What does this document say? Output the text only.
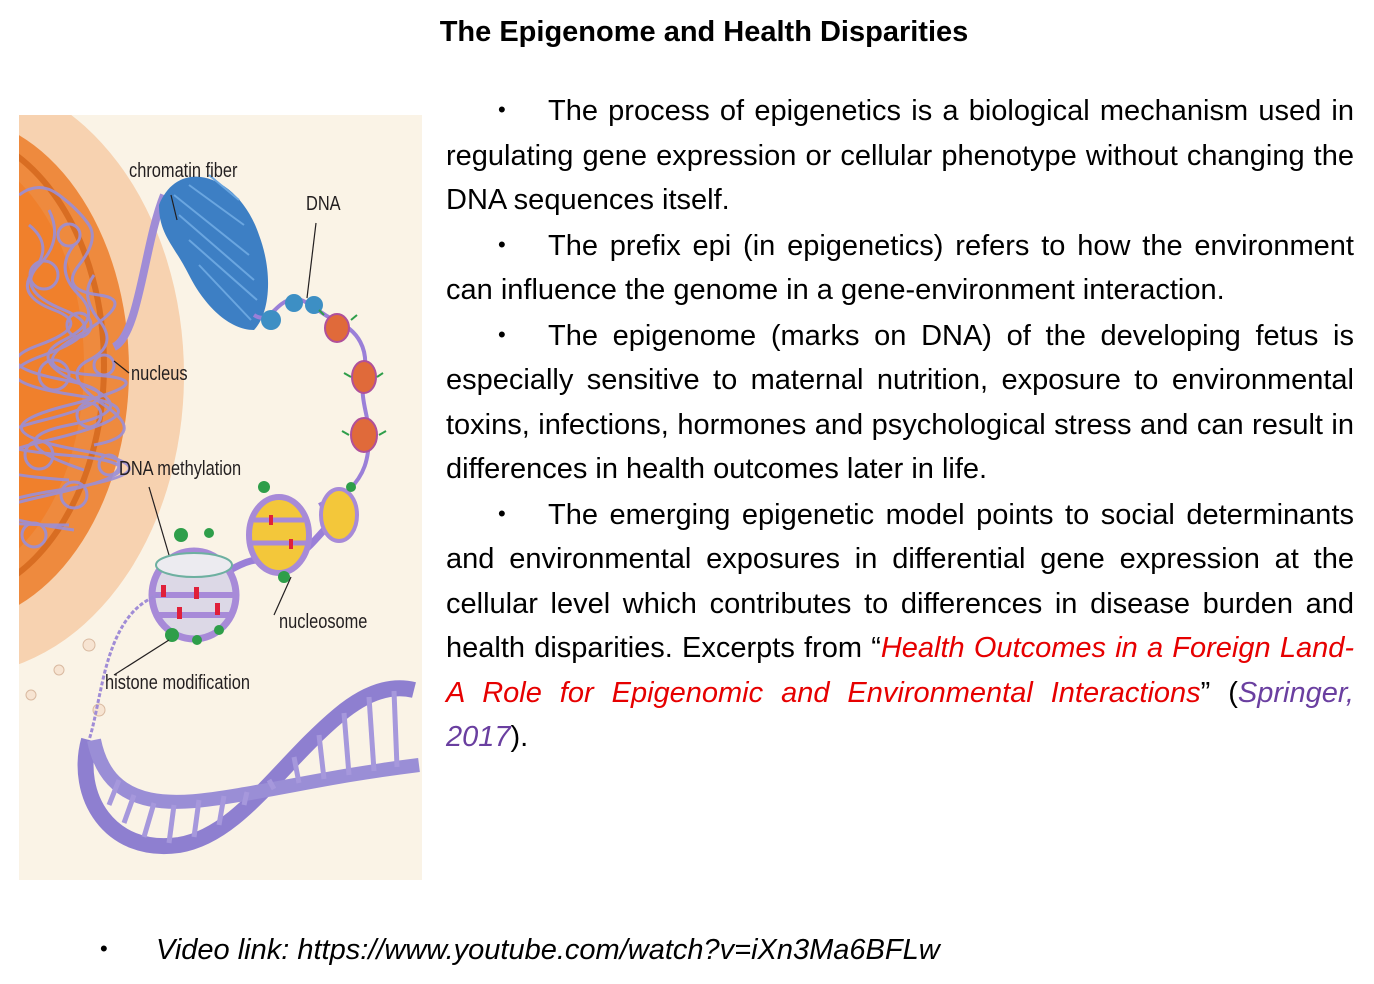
The Epigenome and Health Disparities
chromatin fiber
DNA
nucleus
DNA methylation
nucleosome
histone modification

• The process of epigenetics is a biological mechanism used in regulating gene expression or cellular phenotype without changing the DNA sequences itself.

• The prefix epi (in epigenetics) refers to how the environment can influence the genome in a gene-environment interaction.

• The epigenome (marks on DNA) of the developing fetus is especially sensitive to maternal nutrition, exposure to environmental toxins, infections, hormones and psychological stress and can result in differences in health outcomes later in life.

• The emerging epigenetic model points to social determinants and environmental exposures in differential gene expression at the cellular level which contributes to differences in disease burden and health disparities. Excerpts from “Health Outcomes in a Foreign Land- A Role for Epigenomic and Environmental Interactions” (Springer, 2017).

• Video link: https://www.youtube.com/watch?v=iXn3Ma6BFLw
